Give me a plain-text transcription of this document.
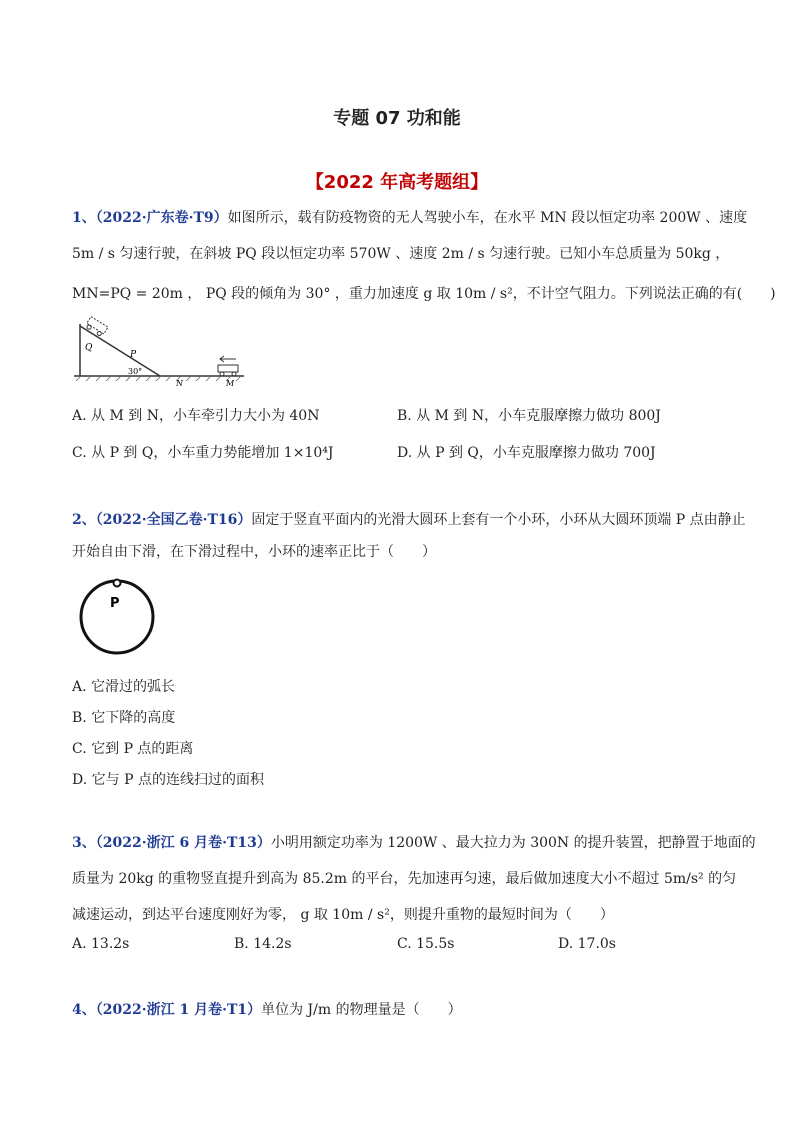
专题 07 功和能
【2022 年高考题组】
1、（2022·广东卷·T9）如图所示，载有防疫物资的无人驾驶小车，在水平 MN 段以恒定功率 200W 、速度
5m / s 匀速行驶，在斜坡 PQ 段以恒定功率 570W 、速度 2m / s 匀速行驶。已知小车总质量为 50kg ，
MN=PQ = 20m ， PQ 段的倾角为 30° ，重力加速度 g 取 10m / s²，不计空气阻力。下列说法正确的有(　　)
Q
P
30°
N	M
A. 从 M 到 N，小车牵引力大小为 40N	B. 从 M 到 N，小车克服摩擦力做功 800J
C. 从 P 到 Q，小车重力势能增加 1×10⁴J	D. 从 P 到 Q，小车克服摩擦力做功 700J
2、（2022·全国乙卷·T16）固定于竖直平面内的光滑大圆环上套有一个小环，小环从大圆环顶端 P 点由静止
开始自由下滑，在下滑过程中，小环的速率正比于（　　）
P
A. 它滑过的弧长
B. 它下降的高度
C. 它到 P 点的距离
D. 它与 P 点的连线扫过的面积
3、（2022·浙江 6 月卷·T13）小明用额定功率为 1200W 、最大拉力为 300N 的提升装置，把静置于地面的
质量为 20kg 的重物竖直提升到高为 85.2m 的平台，先加速再匀速，最后做加速度大小不超过 5m/s² 的匀
减速运动，到达平台速度刚好为零， g 取 10m / s²，则提升重物的最短时间为（　　）
A. 13.2s	B. 14.2s	C. 15.5s	D. 17.0s
4、（2022·浙江 1 月卷·T1）单位为 J/m 的物理量是（　　）
